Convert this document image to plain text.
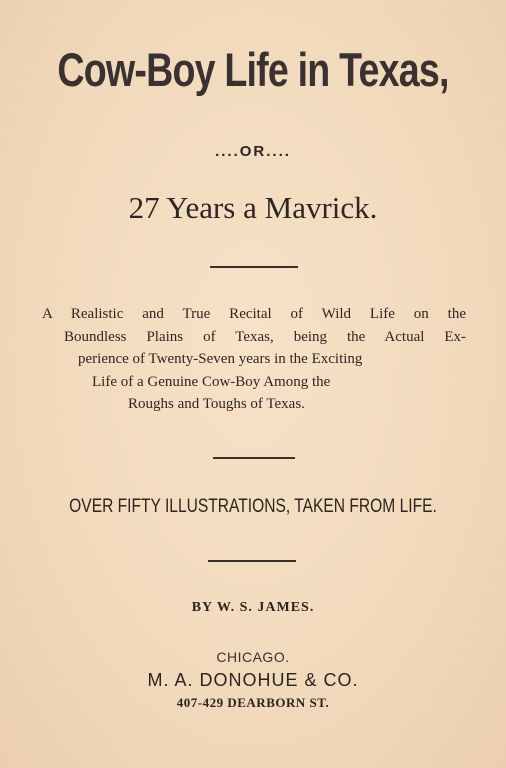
Cow-Boy Life in Texas,
....OR....
27 Years a Mavrick.
A Realistic and True Recital of Wild Life on the
Boundless Plains of Texas, being the Actual Ex-
perience of Twenty-Seven years in the Exciting
Life of a Genuine Cow-Boy Among the
Roughs and Toughs of Texas.
OVER FIFTY ILLUSTRATIONS, TAKEN FROM LIFE.
BY W. S. JAMES.
CHICAGO.
M. A. DONOHUE & CO.
407-429 DEARBORN ST.
